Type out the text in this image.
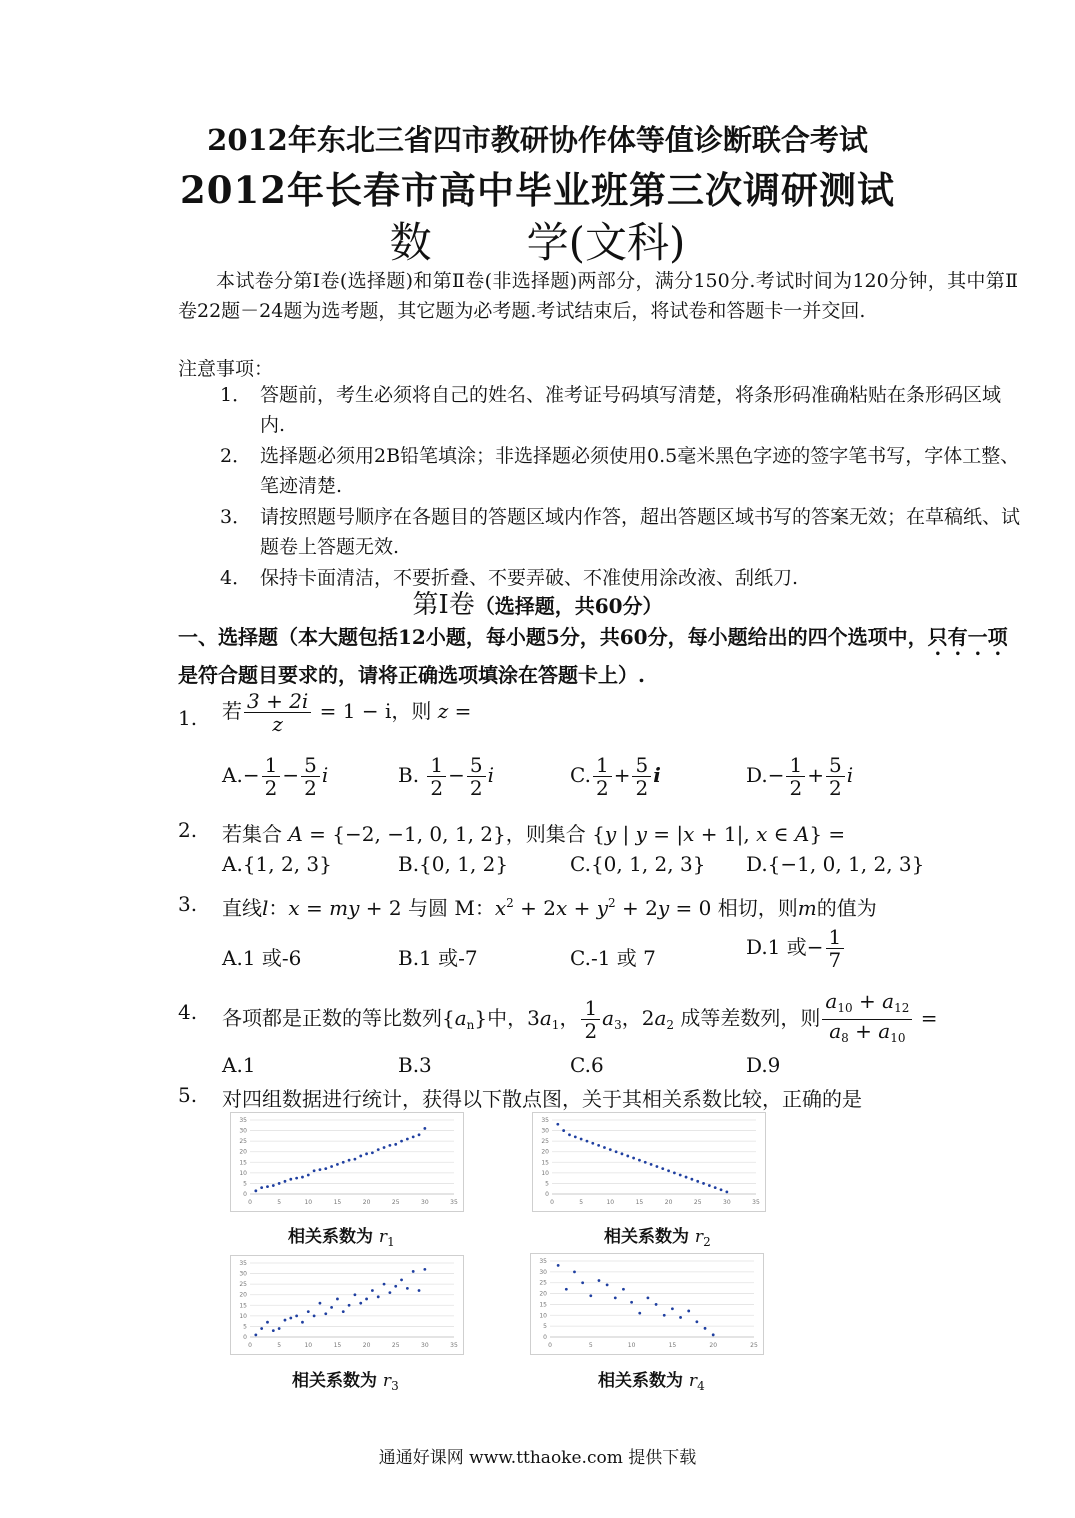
2012年东北三省四市教研协作体等值诊断联合考试
2012年长春市高中毕业班第三次调研测试
数 学(文科)
本试卷分第Ⅰ卷(选择题)和第Ⅱ卷(非选择题)两部分，满分150分.考试时间为120分钟，其中第Ⅱ卷22题－24题为选考题，其它题为必考题.考试结束后，将试卷和答题卡一并交回.
注意事项：
1． 答题前，考生必须将自己的姓名、准考证号码填写清楚，将条形码准确粘贴在条形码区域内.
2． 选择题必须用2B铅笔填涂；非选择题必须使用0.5毫米黑色字迹的签字笔书写，字体工整、笔迹清楚.
3． 请按照题号顺序在各题目的答题区域内作答，超出答题区域书写的答案无效；在草稿纸、试题卷上答题无效.
4． 保持卡面清洁，不要折叠、不要弄破、不准使用涂改液、刮纸刀.
第Ⅰ卷（选择题，共60分）
一、选择题（本大题包括12小题，每小题5分，共60分，每小题给出的四个选项中，只有一项是符合题目要求的，请将正确选项填涂在答题卡上）.
1. 若 $\frac{3 + 2i}{z} = 1 - i$，则 z =
$A.- \frac{1}{2} - \frac{5}{2}$ i	B. $\frac{1}{2} - \frac{5}{2}$ i	C. $\frac{1}{2} + \frac{5}{2}$ i	$D.- \frac{1}{2} + \frac{5}{2}$ i
2. 若集合 A = {−2, −1, 0, 1, 2}，则集合 {y | y = |x + 1|, x ∈ A} =
A.{1, 2, 3}	B.{0, 1, 2}	C.{0, 1, 2, 3} D.{−1, 0, 1, 2, 3}
3. 直线l：x = my + 2 与圆 M：$x^2 + 2x + y^2 + 2y = 0$ 相切，则m的值为
A.1 或-6	B.1 或-7	C.-1 或 7	D.1 或− $\frac{1}{7}$
4. 各项都是正数的等比数列$\{a_n\}$中，$3a_1$， $\frac{1}{2} a_3$，$2a_2$ 成等差数列，则 $\frac{a_{10} + a_{12}}{a_8 + a_{10}}$ =
A.1	B.3	C.6	D.9
5. 对四组数据进行统计，获得以下散点图，关于其相关系数比较，正确的是
0
5
10
15
20
25
30
35
0	5	10	15	20	25	30	35
0
5
10
15
20
25
30
35
0	5	10	15	20	25	30	35
0
5
10
15
20
25
30
35
0	5	10	15	20	25	30	35
0
5
10
15
20
25
30
35
0	5	10	15	20	25
相关系数为 $r_1$	相关系数为 $r_2$
相关系数为 $r_3$	相关系数为 $r_4$
通通好课网 www.tthaoke.com 提供下载
